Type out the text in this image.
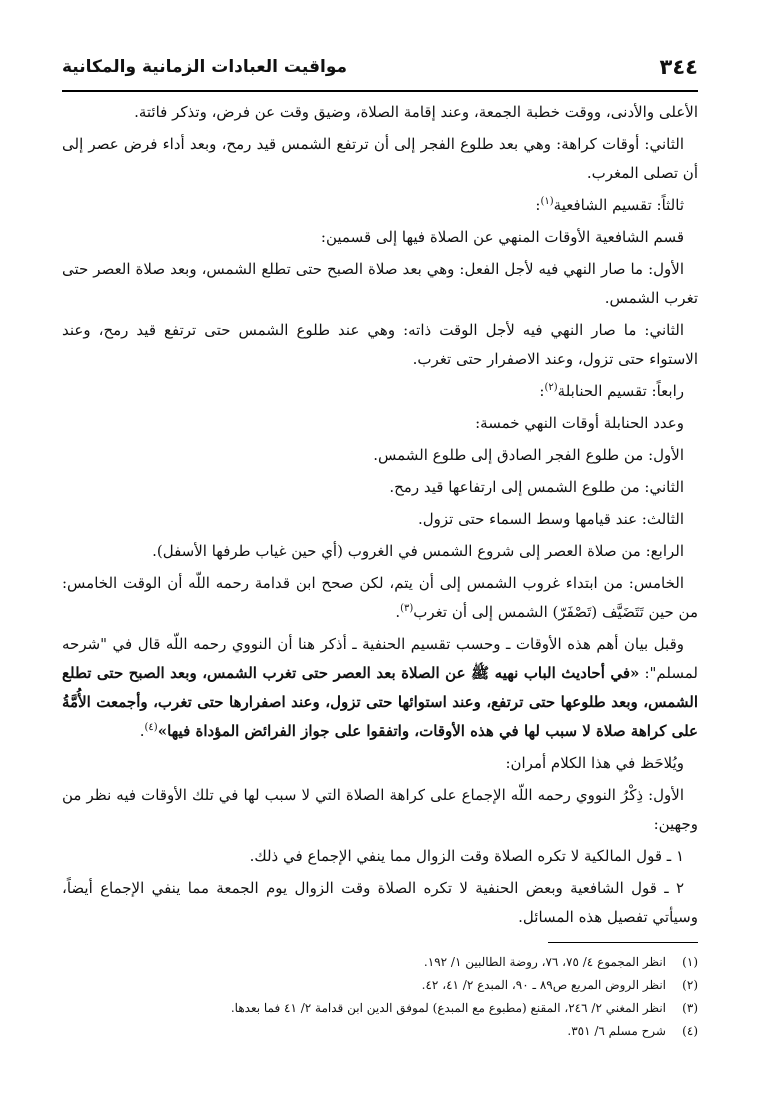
٣٤٤
مواقيت العبادات الزمانية والمكانية

الأعلى والأدنى، ووقت خطبة الجمعة، وعند إقامة الصلاة، وضيق وقت عن فرض، وتذكر فائتة.

الثاني: أوقات كراهة: وهي بعد طلوع الفجر إلى أن ترتفع الشمس قيد رمح، وبعد أداء فرض عصر إلى أن تصلى المغرب.

ثالثاً: تقسيم الشافعية$^{(١)}$:

قسم الشافعية الأوقات المنهي عن الصلاة فيها إلى قسمين:

الأول: ما صار النهي فيه لأجل الفعل: وهي بعد صلاة الصبح حتى تطلع الشمس، وبعد صلاة العصر حتى تغرب الشمس.

الثاني: ما صار النهي فيه لأجل الوقت ذاته: وهي عند طلوع الشمس حتى ترتفع قيد رمح، وعند الاستواء حتى تزول، وعند الاصفرار حتى تغرب.

رابعاً: تقسيم الحنابلة$^{(٢)}$:

وعدد الحنابلة أوقات النهي خمسة:

الأول: من طلوع الفجر الصادق إلى طلوع الشمس.

الثاني: من طلوع الشمس إلى ارتفاعها قيد رمح.

الثالث: عند قيامها وسط السماء حتى تزول.

الرابع: من صلاة العصر إلى شروع الشمس في الغروب (أي حين غياب طرفها الأسفل).

الخامس: من ابتداء غروب الشمس إلى أن يتم، لكن صحح ابن قدامة رحمه اللّه أن الوقت الخامس: من حين تَتَضَيَّف (تَصْفَرّ) الشمس إلى أن تغرب$^{(٣)}$.

وقبل بيان أهم هذه الأوقات ـ وحسب تقسيم الحنفية ـ أذكر هنا أن النووي رحمه اللّه قال في "شرحه لمسلم": «في أحاديث الباب نهيه ﷺ عن الصلاة بعد العصر حتى تغرب الشمس، وبعد الصبح حتى تطلع الشمس، وبعد طلوعها حتى ترتفع، وعند استوائها حتى تزول، وعند اصفرارها حتى تغرب، وأجمعت الأُمَّةُ على كراهة صلاة لا سبب لها في هذه الأوقات، واتفقوا على جواز الفرائض المؤداة فيها»$^{(٤)}$.

ويُلاحَظ في هذا الكلام أمران:

الأول: ذِكْرُ النووي رحمه اللّه الإجماع على كراهة الصلاة التي لا سبب لها في تلك الأوقات فيه نظر من وجهين:

١ ـ قول المالكية لا تكره الصلاة وقت الزوال مما ينفي الإجماع في ذلك.

٢ ـ قول الشافعية وبعض الحنفية لا تكره الصلاة وقت الزوال يوم الجمعة مما ينفي الإجماع أيضاً، وسيأتي تفصيل هذه المسائل.

(١)
انظر المجموع ٤/ ٧٥، ٧٦، روضة الطالبين ١/ ١٩٢.
(٢)
انظر الروض المربع ص٨٩ ـ ٩٠، المبدع ٢/ ٤١، ٤٢.
(٣)
انظر المغني ٢/ ٢٤٦، المقنع (مطبوع مع المبدع) لموفق الدين ابن قدامة ٢/ ٤١ فما بعدها.
(٤)
شرح مسلم ٦/ ٣٥١.
